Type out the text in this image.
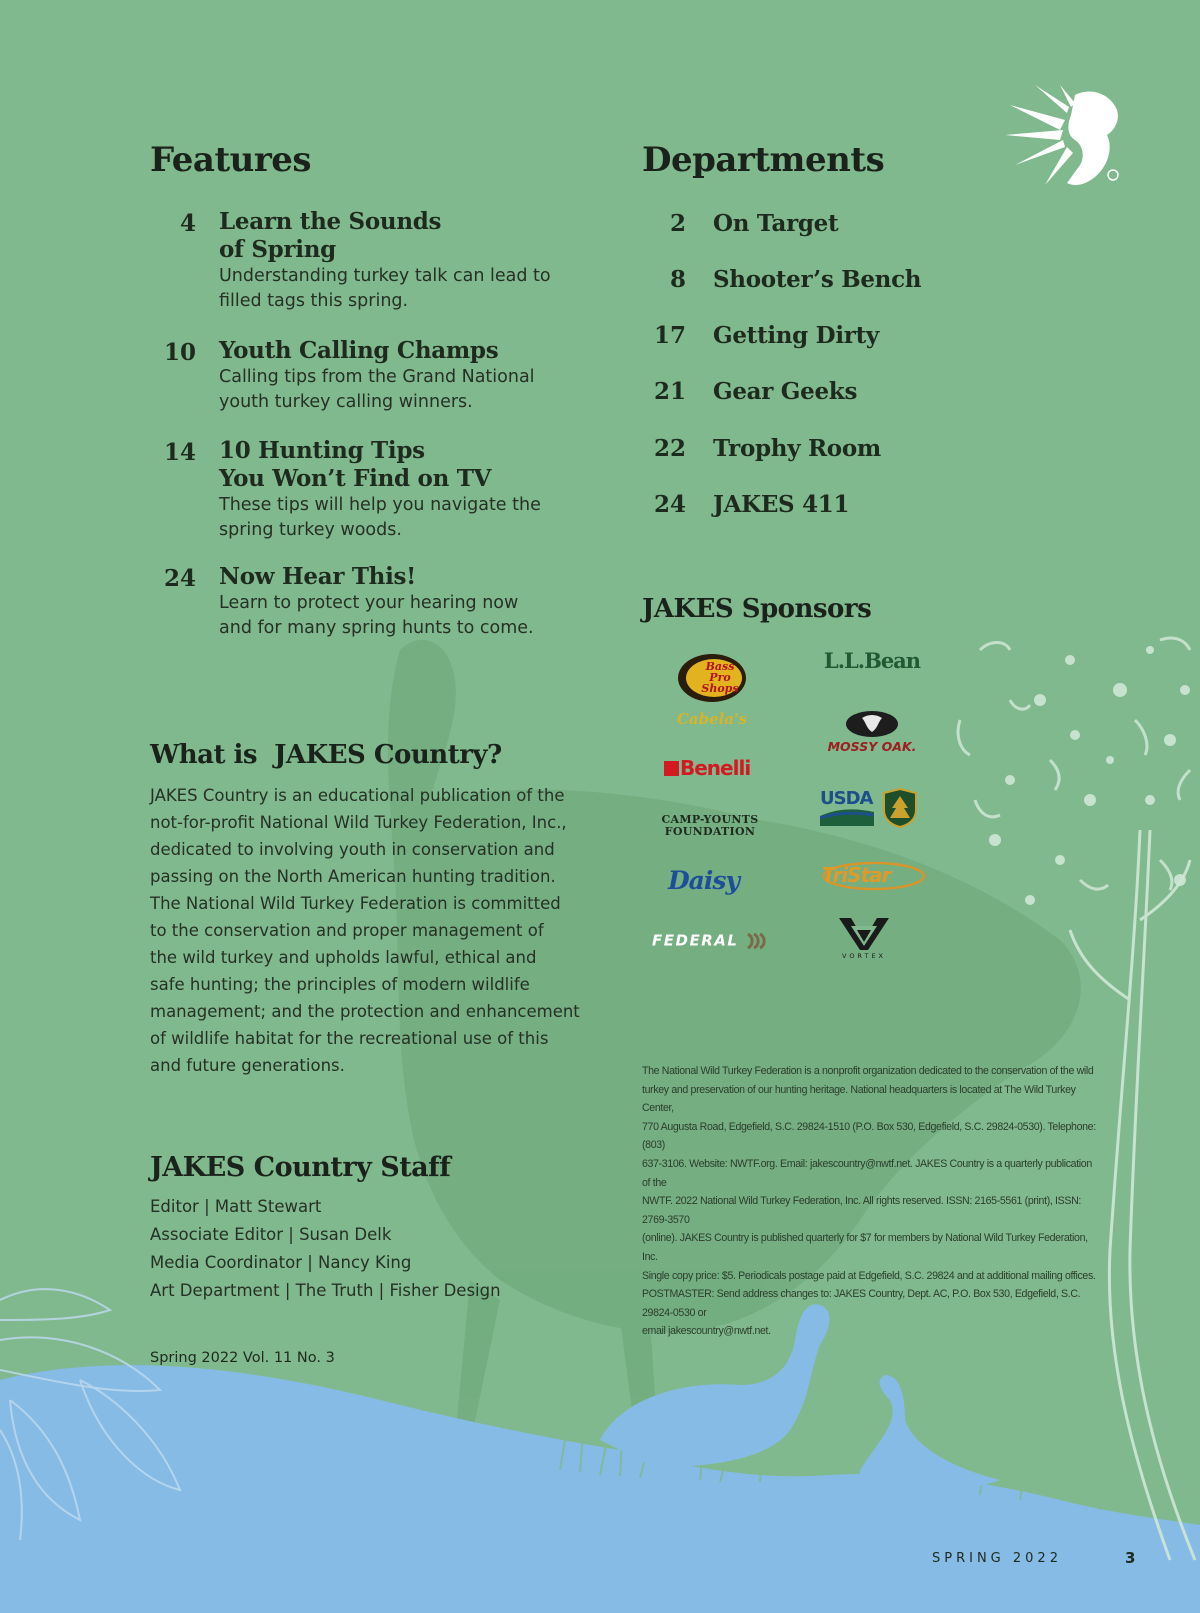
Features
4 Learn the Sounds
of Spring
Understanding turkey talk can lead to
filled tags this spring.
10 Youth Calling Champs
Calling tips from the Grand National
youth turkey calling winners.
14 10 Hunting Tips
You Won’t Find on TV
These tips will help you navigate the
spring turkey woods.
24 Now Hear This!
Learn to protect your hearing now
and for many spring hunts to come.
Departments
2 On Target
8 Shooter’s Bench
17 Getting Dirty
21 Gear Geeks
22 Trophy Room
24 JAKES 411
What is  JAKES Country?
JAKES Country is an educational publication of the
not-for-profit National Wild Turkey Federation, Inc.,
dedicated to involving youth in conservation and
passing on the North American hunting tradition.
The National Wild Turkey Federation is committed
to the conservation and proper management of
the wild turkey and upholds lawful, ethical and
safe hunting; the principles of modern wildlife
management; and the protection and enhancement
of wildlife habitat for the recreational use of this
and future generations.
JAKES Country Staff
Editor | Matt Stewart
Associate Editor | Susan Delk
Media Coordinator | Nancy King
Art Department | The Truth | Fisher Design
Spring 2022 Vol. 11 No. 3
JAKES Sponsors
Bass
Pro
Shops
Cabela's
L.L.Bean
MOSSY OAK.
Benelli
USDA
CAMP-YOUNTS
FOUNDATION
Daisy	TriStar
FEDERAL
VORTEX
The National Wild Turkey Federation is a nonprofit organization dedicated to the conservation of the wild
turkey and preservation of our hunting heritage. National headquarters is located at The Wild Turkey Center,
770 Augusta Road, Edgefield, S.C. 29824-1510 (P.O. Box 530, Edgefield, S.C. 29824-0530). Telephone: (803)
637-3106. Website: NWTF.org. Email: jakescountry@nwtf.net. JAKES Country is a quarterly publication of the
NWTF. 2022 National Wild Turkey Federation, Inc. All rights reserved. ISSN: 2165-5561 (print), ISSN: 2769-3570
(online). JAKES Country is published quarterly for $7 for members by National Wild Turkey Federation, Inc.
Single copy price: $5. Periodicals postage paid at Edgefield, S.C. 29824 and at additional mailing offices.
POSTMASTER: Send address changes to: JAKES Country, Dept. AC, P.O. Box 530, Edgefield, S.C. 29824-0530 or
email jakescountry@nwtf.net.
SPRING 2022	3
